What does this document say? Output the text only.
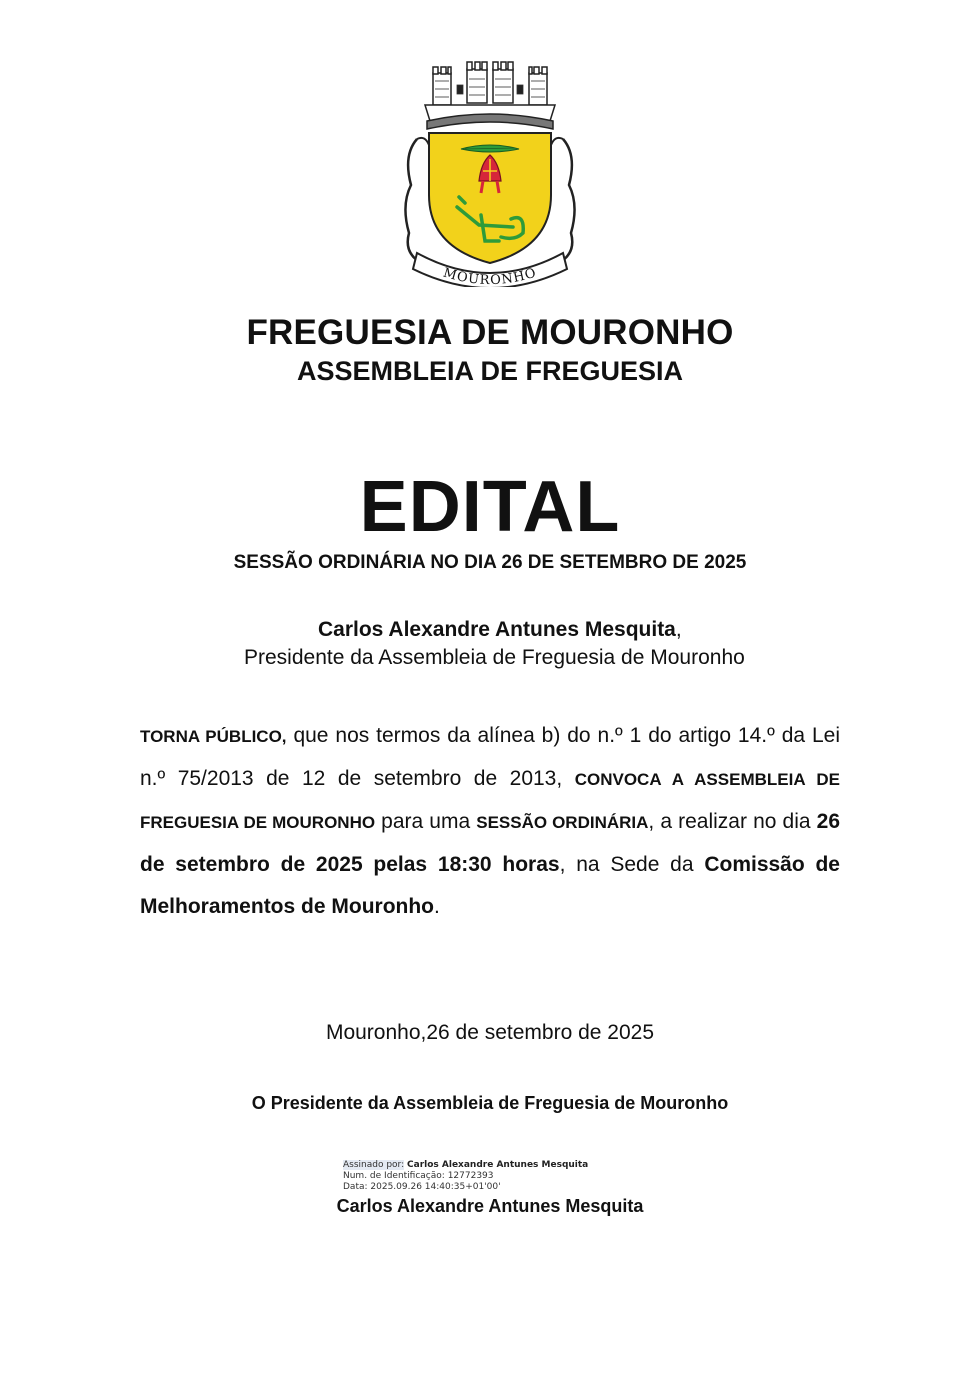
MOURONHO
FREGUESIA DE MOURONHO
ASSEMBLEIA DE FREGUESIA
EDITAL
SESSÃO ORDINÁRIA NO DIA 26 DE SETEMBRO DE 2025
Carlos Alexandre Antunes Mesquita,
Presidente da Assembleia de Freguesia de Mouronho
TORNA PÚBLICO, que nos termos da alínea b) do n.º 1 do artigo 14.º da Lei n.º 75/2013 de 12 de setembro de 2013, CONVOCA A ASSEMBLEIA DE FREGUESIA DE MOURONHO para uma SESSÃO ORDINÁRIA, a realizar no dia 26 de setembro de 2025 pelas 18:30 horas, na Sede da Comissão de Melhoramentos de Mouronho.
Mouronho,26 de setembro de 2025
O Presidente da Assembleia de Freguesia de Mouronho
Assinado por: Carlos Alexandre Antunes Mesquita
Num. de Identificação: 12772393
Data: 2025.09.26 14:40:35+01'00'
Carlos Alexandre Antunes Mesquita
